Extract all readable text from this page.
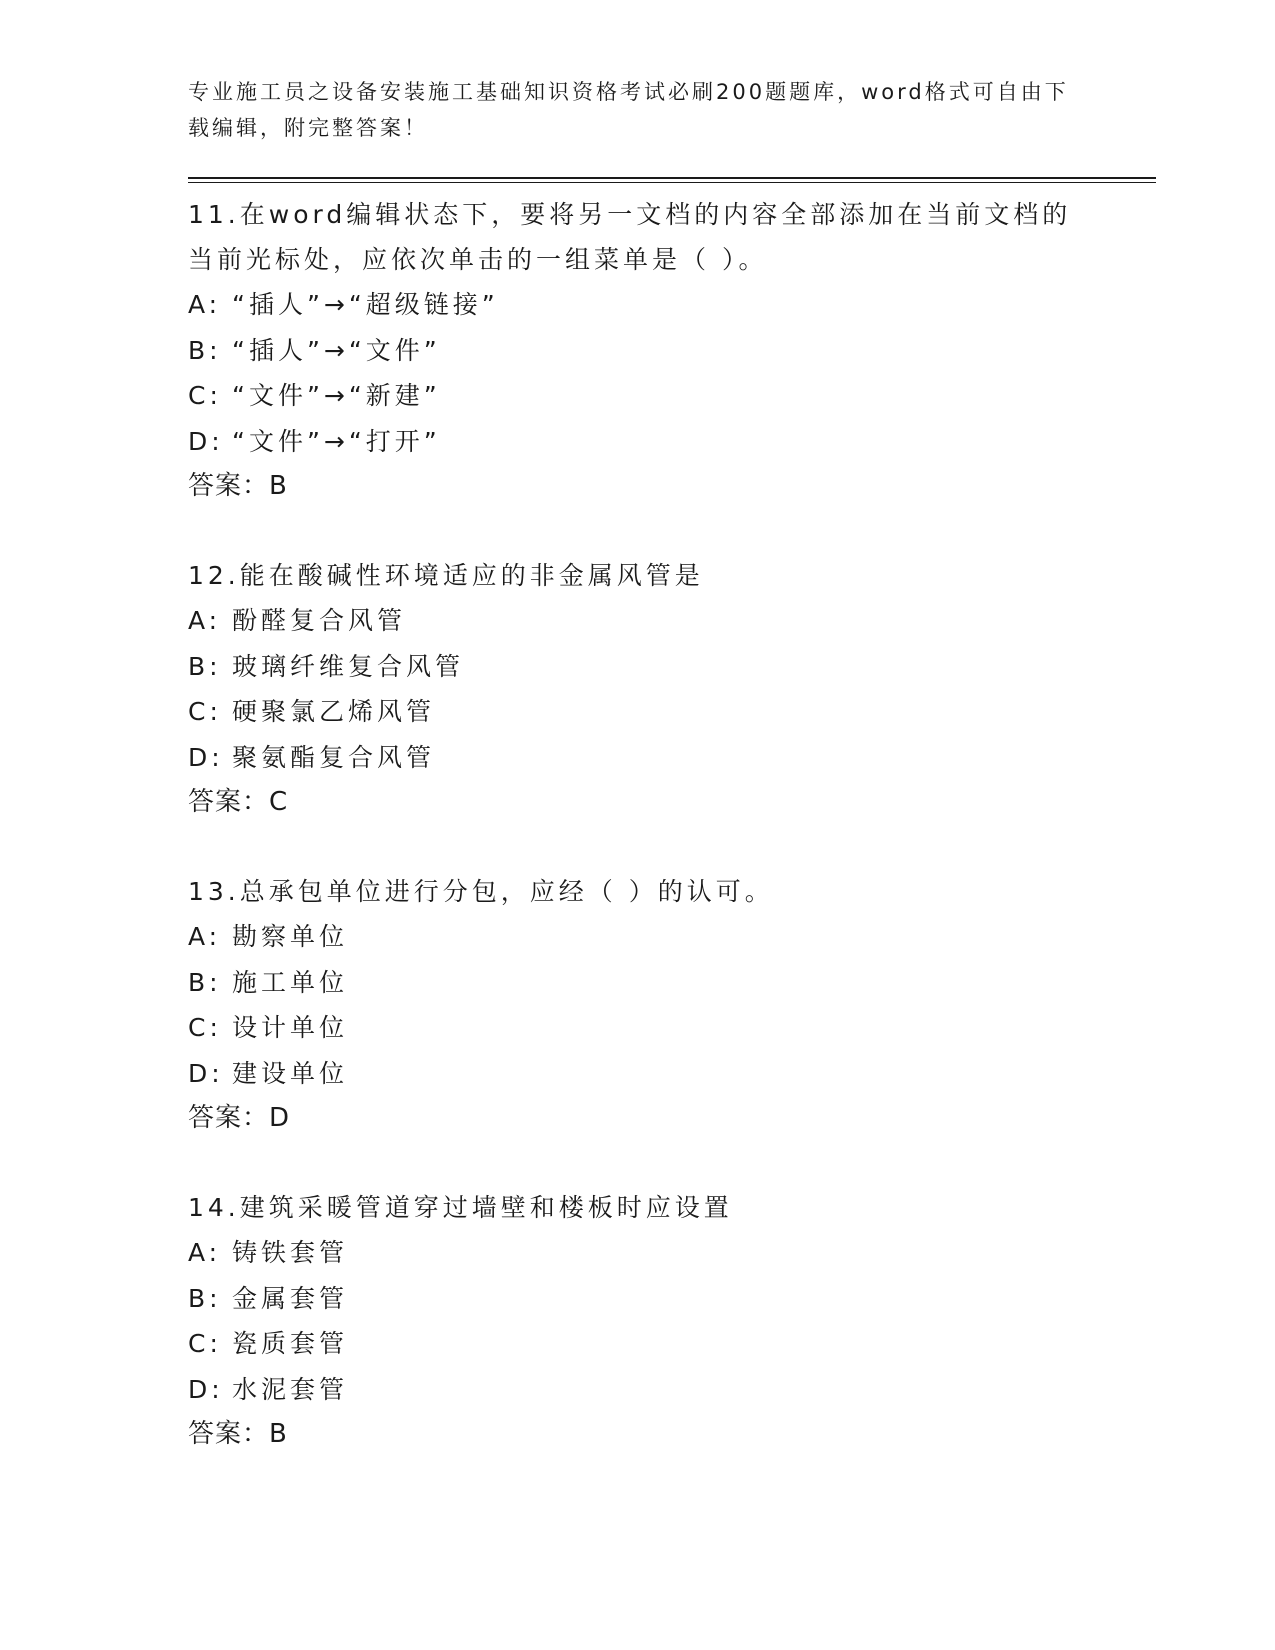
专业施工员之设备安装施工基础知识资格考试必刷200题题库，word格式可自由下载编辑，附完整答案！

11.在word编辑状态下，要将另一文档的内容全部添加在当前文档的当前光标处，应依次单击的一组菜单是（ ）。

A: “插人”→“超级链接”

B: “插人”→“文件”

C: “文件”→“新建”

D: “文件”→“打开”

答案：B

12.能在酸碱性环境适应的非金属风管是

A: 酚醛复合风管

B: 玻璃纤维复合风管

C: 硬聚氯乙烯风管

D: 聚氨酯复合风管

答案：C

13.总承包单位进行分包，应经（ ）的认可。

A: 勘察单位

B: 施工单位

C: 设计单位

D: 建设单位

答案：D

14.建筑采暖管道穿过墙壁和楼板时应设置

A: 铸铁套管

B: 金属套管

C: 瓷质套管

D: 水泥套管

答案：B
